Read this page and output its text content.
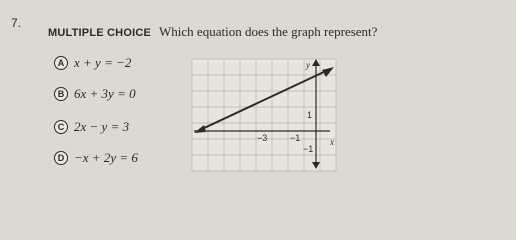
7.
MULTIPLE CHOICE Which equation does the graph represent?
A x + y = −2
B 6x + 3y = 0
C 2x − y = 3
D −x + 2y = 6
y
x
−3	−1
1
−1
